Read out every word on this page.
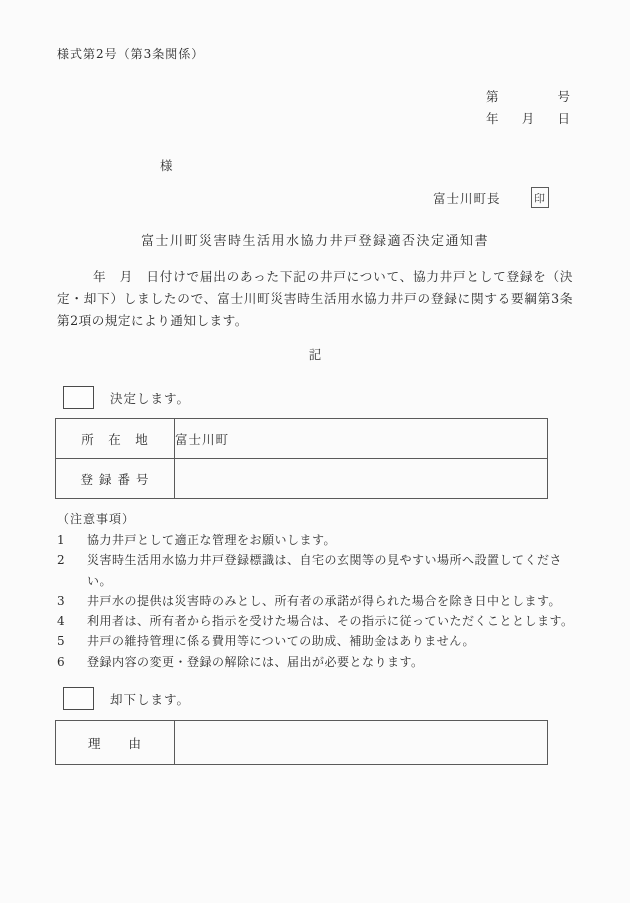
様式第2号（第3条関係）
第	号
年 月 日
様
富士川町長	印
富士川町災害時生活用水協力井戸登録適否決定通知書
年　月　日付けで届出のあった下記の井戸について、協力井戸として登録を（決定・却下）しましたので、富士川町災害時生活用水協力井戸の登録に関する要綱第3条第2項の規定により通知します。
記
決定します。
所　在　地	富士川町
登 録 番 号	
（注意事項）
1	協力井戸として適正な管理をお願いします。
2	災害時生活用水協力井戸登録標識は、自宅の玄関等の見やすい場所へ設置してください。
3	井戸水の提供は災害時のみとし、所有者の承諾が得られた場合を除き日中とします。
4	利用者は、所有者から指示を受けた場合は、その指示に従っていただくこととします。
5	井戸の維持管理に係る費用等についての助成、補助金はありません。
6	登録内容の変更・登録の解除には、届出が必要となります。
却下します。
理　　由	
